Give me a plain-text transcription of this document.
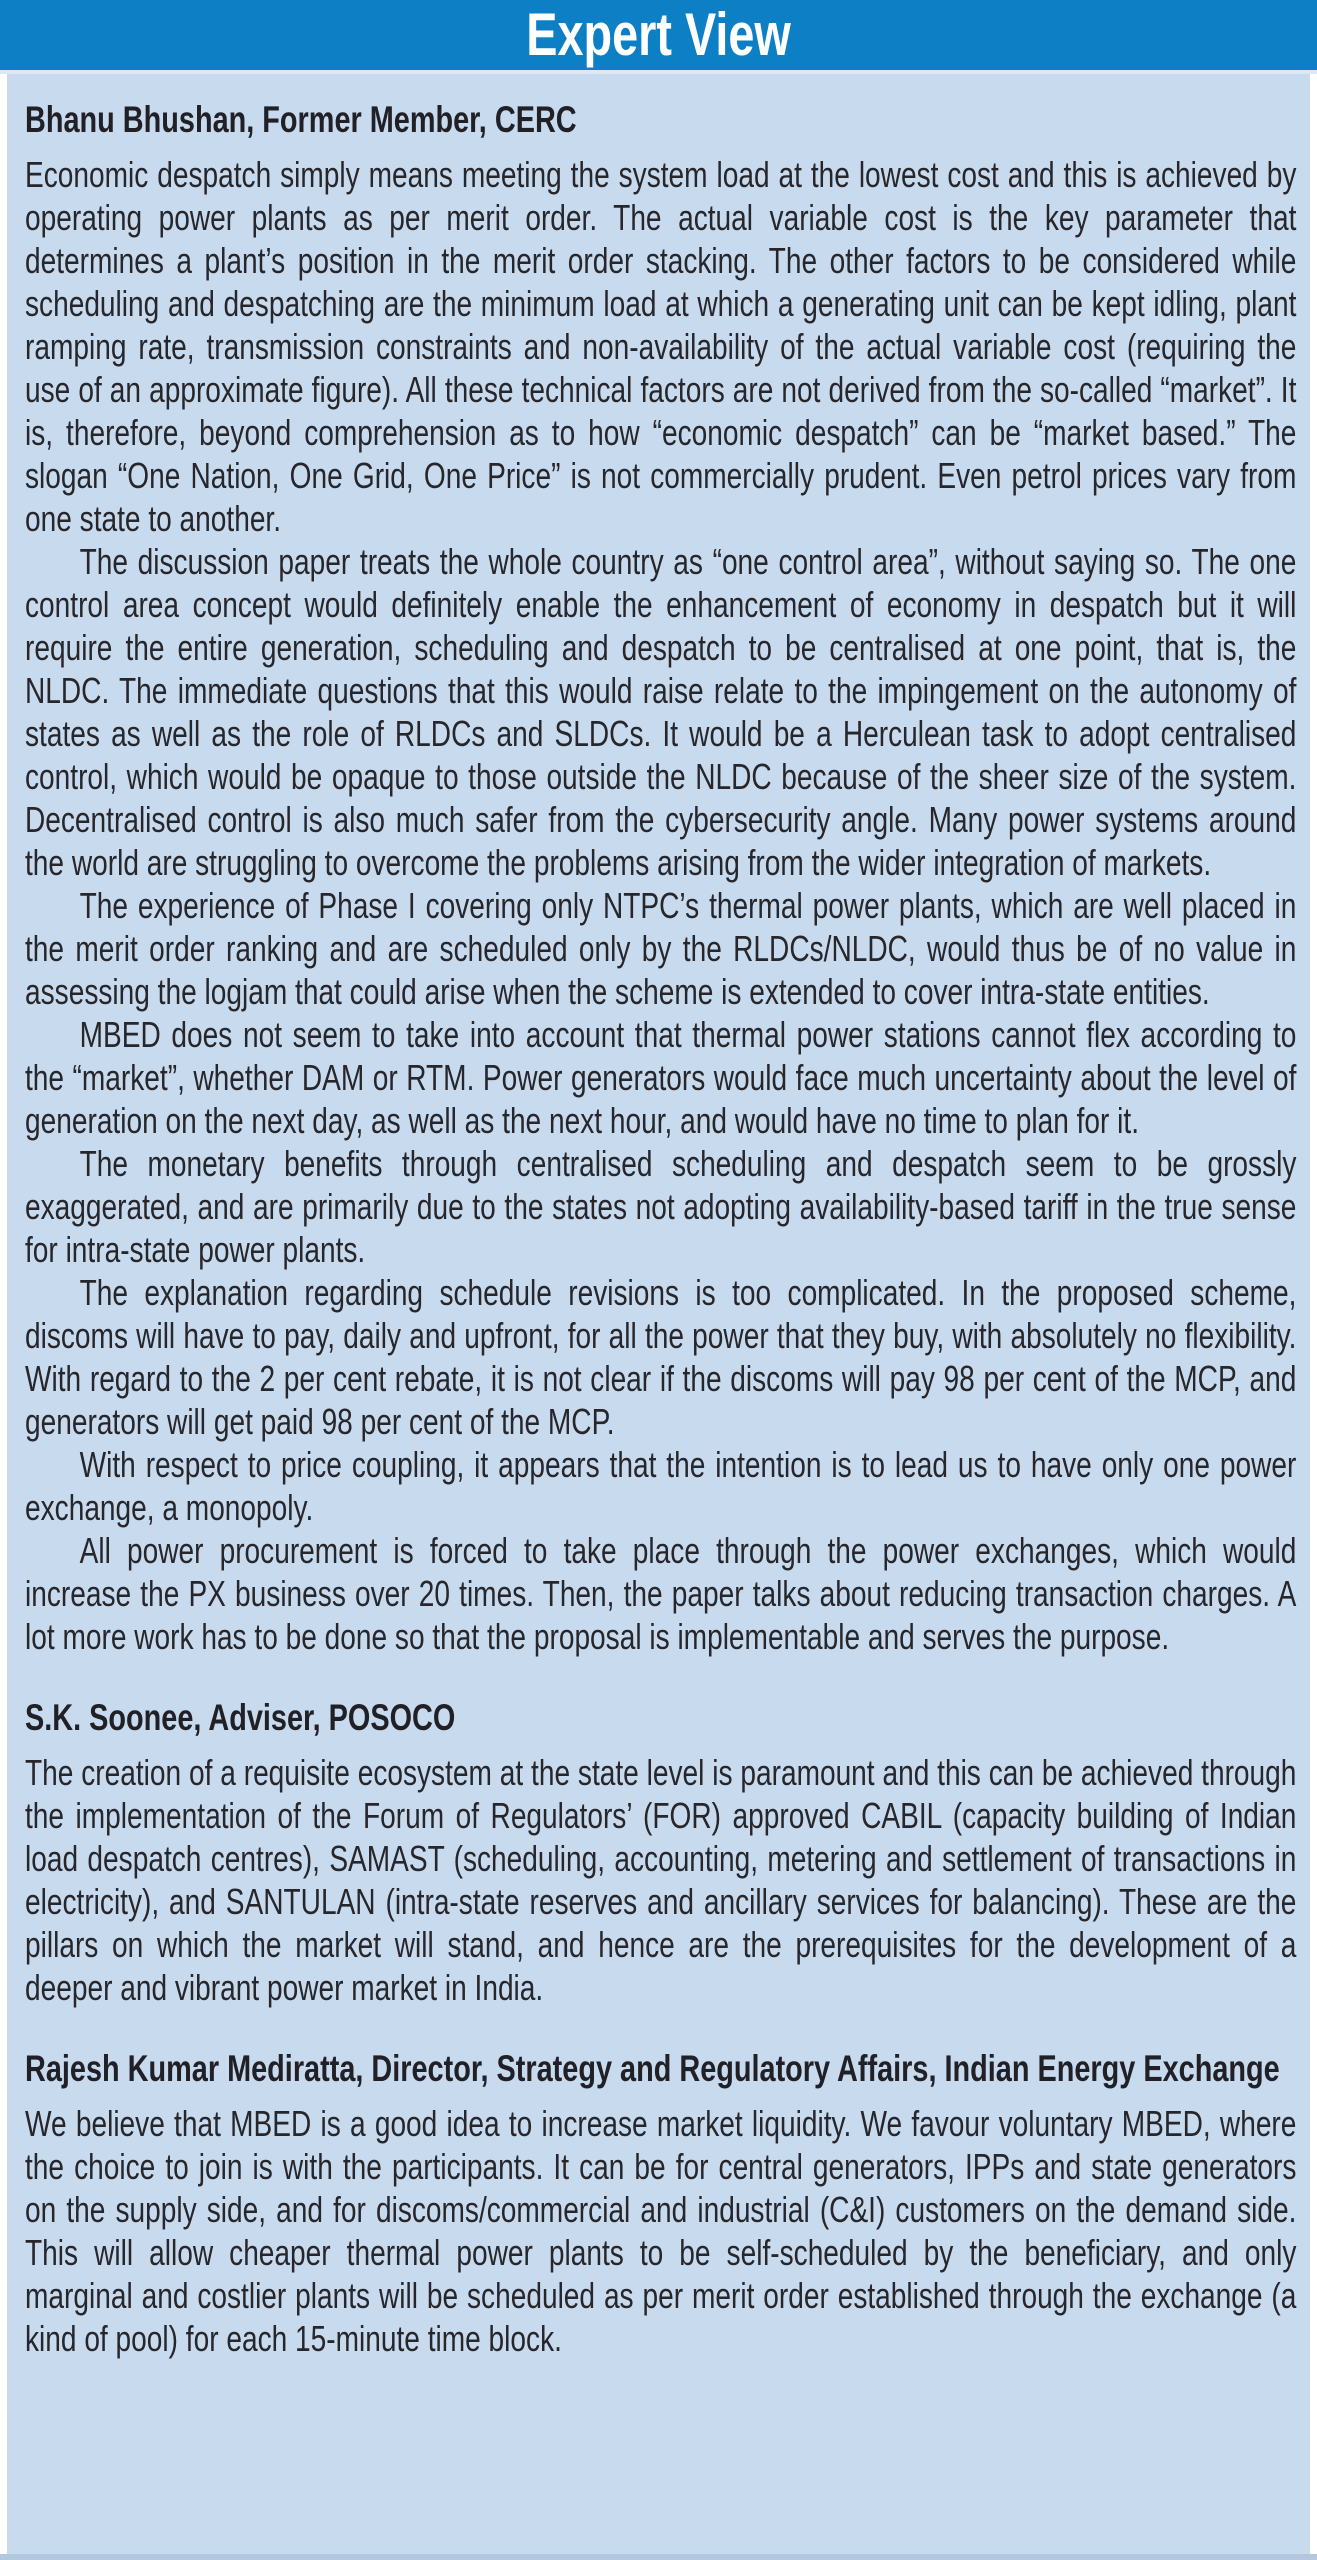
Expert View
Bhanu Bhushan, Former Member, CERC

Economic despatch simply means meeting the system load at the lowest cost and this is achieved by operating power plants as per merit order. The actual variable cost is the key parameter that determines a plant’s position in the merit order stacking. The other factors to be considered while scheduling and despatching are the minimum load at which a generating unit can be kept idling, plant ramping rate, transmission constraints and non-availability of the actual variable cost (requiring the use of an approximate figure). All these technical factors are not derived from the so-called “market”. It is, therefore, beyond comprehension as to how “economic despatch” can be “market based.” The slogan “One Nation, One Grid, One Price” is not commercially prudent. Even petrol prices vary from one state to another.

The discussion paper treats the whole country as “one control area”, without saying so. The one control area concept would definitely enable the enhancement of economy in despatch but it will require the entire generation, scheduling and despatch to be centralised at one point, that is, the NLDC. The immediate questions that this would raise relate to the impingement on the autonomy of states as well as the role of RLDCs and SLDCs. It would be a Herculean task to adopt centralised control, which would be opaque to those outside the NLDC because of the sheer size of the system. Decentralised control is also much safer from the cybersecurity angle. Many power systems around the world are struggling to overcome the problems arising from the wider integration of markets.

The experience of Phase I covering only NTPC’s thermal power plants, which are well placed in the merit order ranking and are scheduled only by the RLDCs/NLDC, would thus be of no value in assessing the logjam that could arise when the scheme is extended to cover intra-state entities.

MBED does not seem to take into account that thermal power stations cannot flex according to the “market”, whether DAM or RTM. Power generators would face much uncertainty about the level of generation on the next day, as well as the next hour, and would have no time to plan for it.

The monetary benefits through centralised scheduling and despatch seem to be grossly exaggerated, and are primarily due to the states not adopting availability-based tariff in the true sense for intra-state power plants.

The explanation regarding schedule revisions is too complicated. In the proposed scheme, discoms will have to pay, daily and upfront, for all the power that they buy, with absolutely no flexibility. With regard to the 2 per cent rebate, it is not clear if the discoms will pay 98 per cent of the MCP, and generators will get paid 98 per cent of the MCP.

With respect to price coupling, it appears that the intention is to lead us to have only one power exchange, a monopoly.

All power procurement is forced to take place through the power exchanges, which would increase the PX business over 20 times. Then, the paper talks about reducing transaction charges. A lot more work has to be done so that the proposal is implementable and serves the purpose.

S.K. Soonee, Adviser, POSOCO

The creation of a requisite ecosystem at the state level is paramount and this can be achieved through the implementation of the Forum of Regulators’ (FOR) approved CABIL (capacity building of Indian load despatch centres), SAMAST (scheduling, accounting, metering and settlement of transactions in electricity), and SANTULAN (intra-state reserves and ancillary services for balancing). These are the pillars on which the market will stand, and hence are the prerequisites for the development of a deeper and vibrant power market in India.

Rajesh Kumar Mediratta, Director, Strategy and Regulatory Affairs, Indian Energy Exchange

We believe that MBED is a good idea to increase market liquidity. We favour voluntary MBED, where the choice to join is with the participants. It can be for central generators, IPPs and state generators on the supply side, and for discoms/commercial and industrial (C&I) customers on the demand side. This will allow cheaper thermal power plants to be self-scheduled by the beneficiary, and only marginal and costlier plants will be scheduled as per merit order established through the exchange (a kind of pool) for each 15-minute time block.
